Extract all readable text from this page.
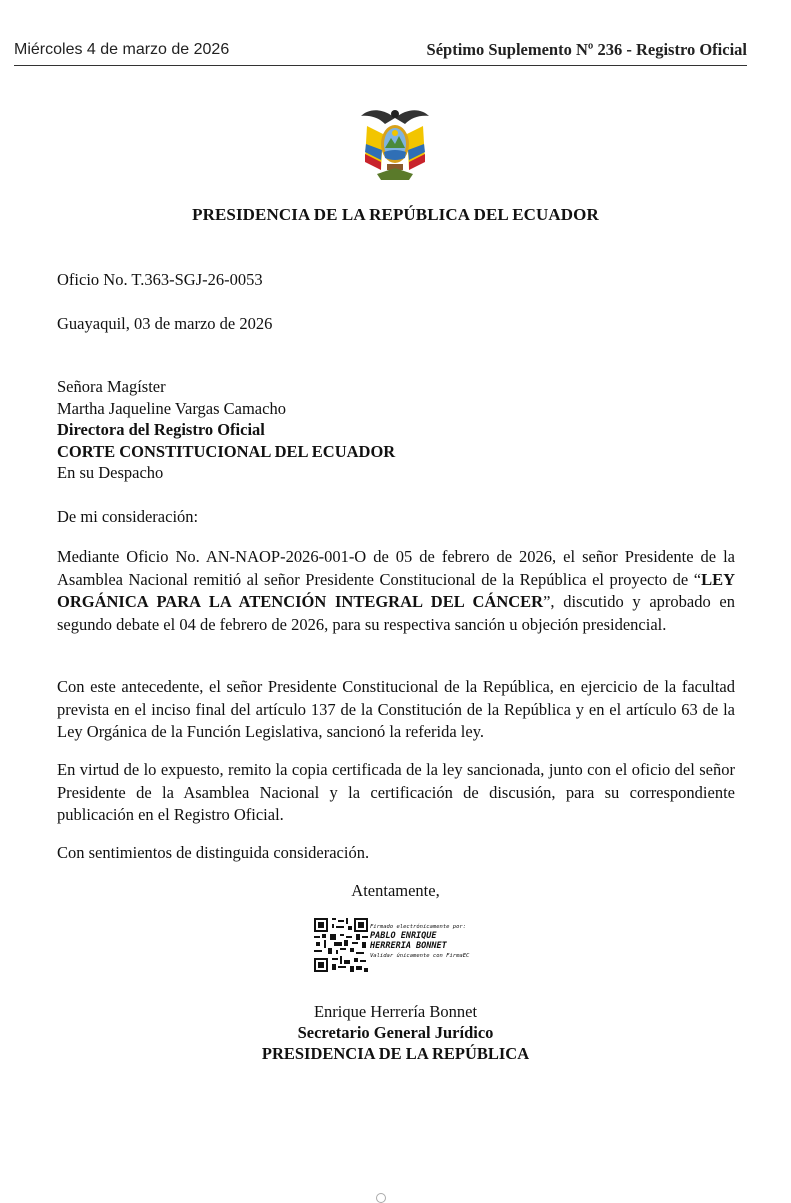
Miércoles 4 de marzo de 2026	Séptimo Suplemento Nº 236 - Registro Oficial
PRESIDENCIA DE LA REPÚBLICA DEL ECUADOR
Oficio No. T.363-SGJ-26-0053
Guayaquil, 03 de marzo de 2026
Señora Magíster
Martha Jaqueline Vargas Camacho
Directora del Registro Oficial
CORTE CONSTITUCIONAL DEL ECUADOR
En su Despacho
De mi consideración:

Mediante Oficio No. AN-NAOP-2026-001-O de 05 de febrero de 2026, el señor Presidente de la Asamblea Nacional remitió al señor Presidente Constitucional de la República el proyecto de “LEY ORGÁNICA PARA LA ATENCIÓN INTEGRAL DEL CÁNCER”, discutido y aprobado en segundo debate el 04 de febrero de 2026, para su respectiva sanción u objeción presidencial.

Con este antecedente, el señor Presidente Constitucional de la República, en ejercicio de la facultad prevista en el inciso final del artículo 137 de la Constitución de la República y en el artículo 63 de la Ley Orgánica de la Función Legislativa, sancionó la referida ley.

En virtud de lo expuesto, remito la copia certificada de la ley sancionada, junto con el oficio del señor Presidente de la Asamblea Nacional y la certificación de discusión, para su correspondiente publicación en el Registro Oficial.

Con sentimientos de distinguida consideración.
Atentamente,
Firmado electrónicamente por:
PABLO ENRIQUE
HERRERIA BONNET
Validar únicamente con FirmaEC
Enrique Herrería Bonnet
Secretario General Jurídico
PRESIDENCIA DE LA REPÚBLICA
